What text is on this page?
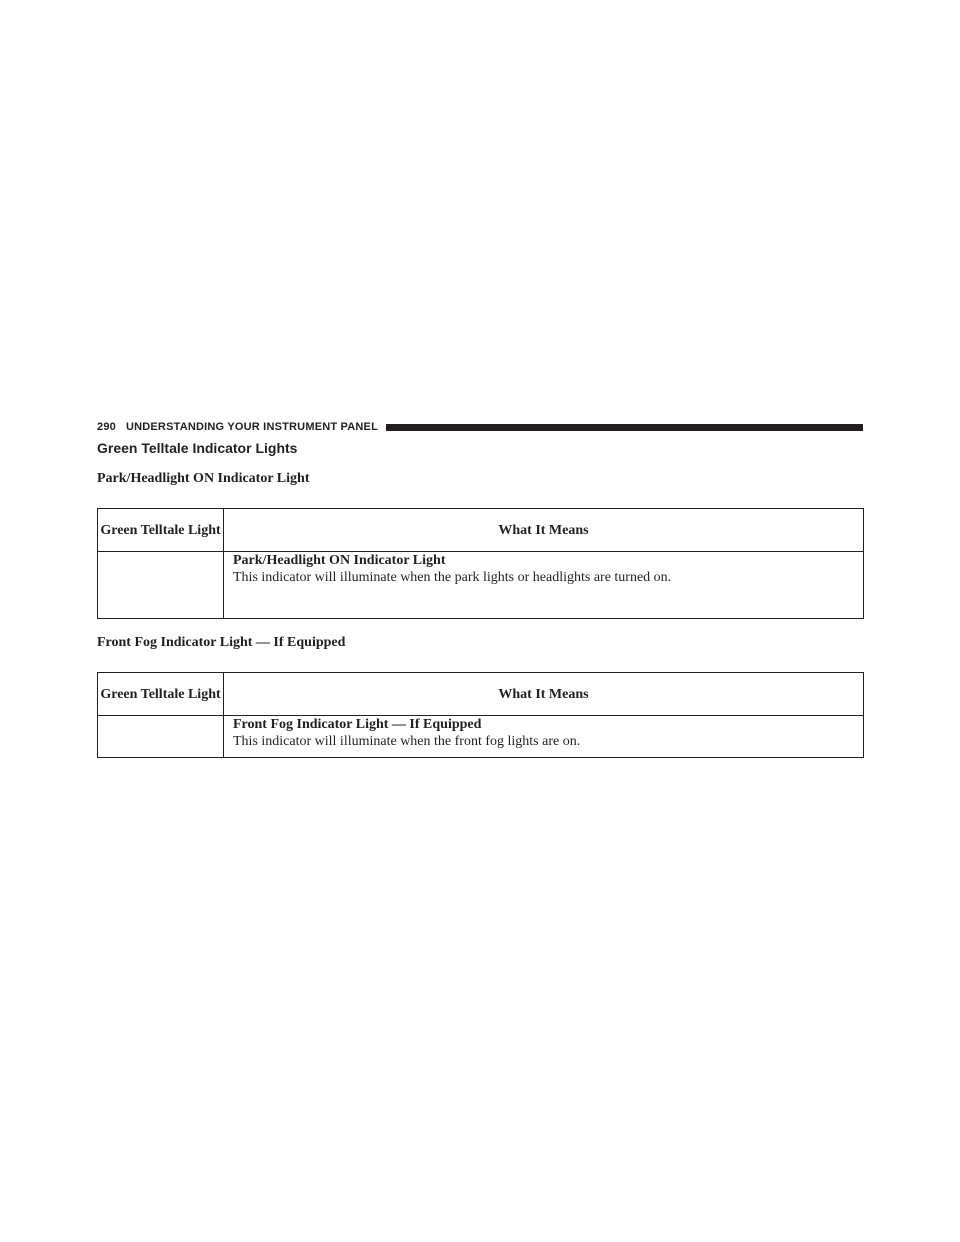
290 UNDERSTANDING YOUR INSTRUMENT PANEL
Green Telltale Indicator Lights
Park/Headlight ON Indicator Light
Green Telltale Light	What It Means

	Park/Headlight ON Indicator Light
This indicator will illuminate when the park lights or headlights are turned on.
Front Fog Indicator Light — If Equipped
Green Telltale Light	What It Means

	Front Fog Indicator Light — If Equipped
This indicator will illuminate when the front fog lights are on.
